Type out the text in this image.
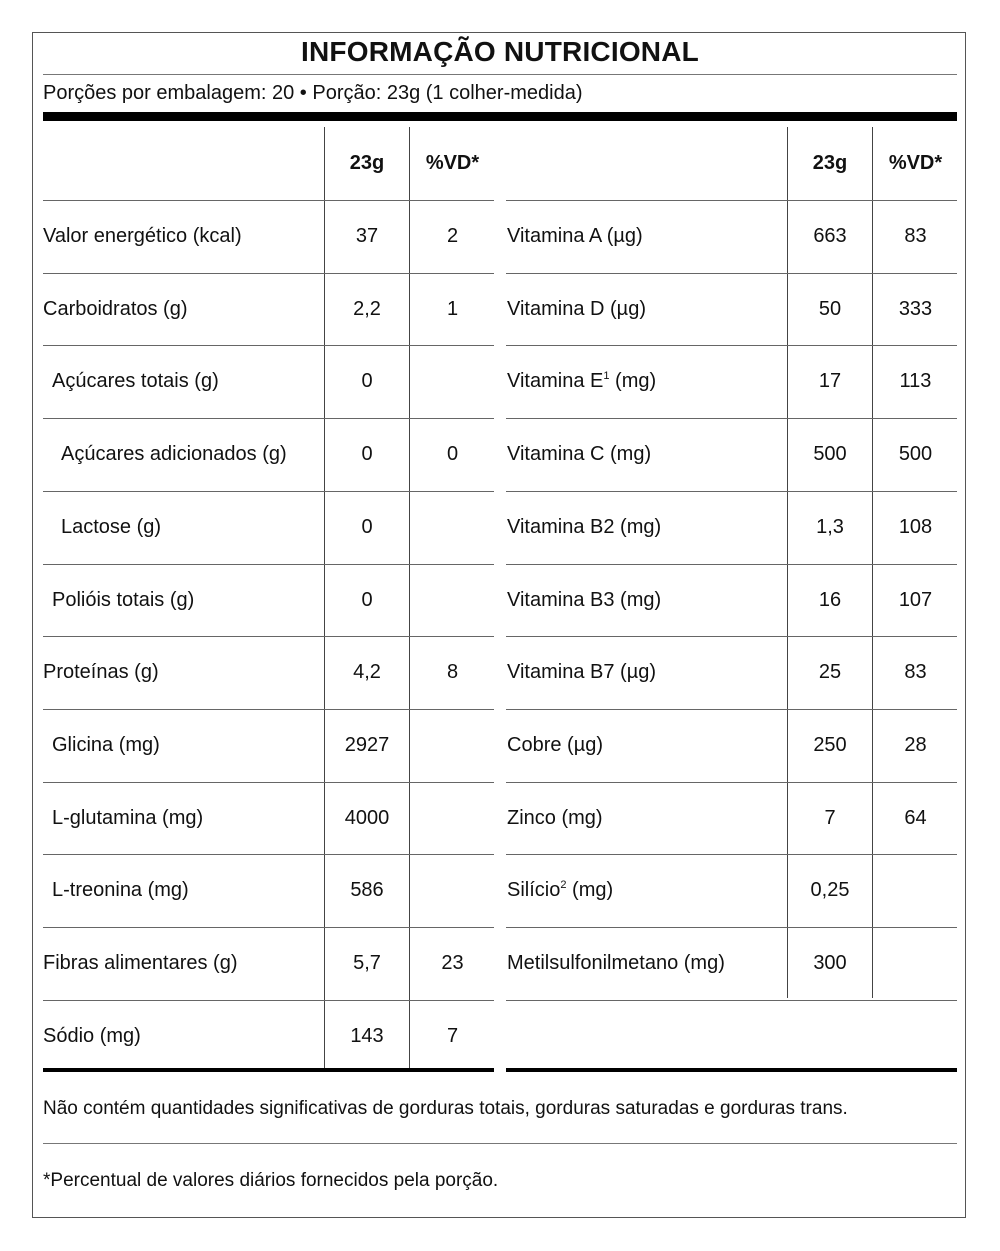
INFORMAÇÃO NUTRICIONAL
Porções por embalagem: 20 • Porção: 23g (1 colher-medida)
23g	%VD*	23g	%VD*
Valor energético (kcal)	37	2
Carboidratos (g)	2,2	1
Açúcares totais (g)	0
Açúcares adicionados (g)	0	0
Lactose (g)	0
Polióis totais (g)	0
Proteínas (g)	4,2	8
Glicina (mg)	2927
L-glutamina (mg)	4000
L-treonina (mg)	586
Fibras alimentares (g)	5,7	23
Sódio (mg)	143	7
Vitamina A (µg)	663	83
Vitamina D (µg)	50	333
Vitamina $E^1$ (mg)	17	113
Vitamina C (mg)	500	500
Vitamina B2 (mg)	1,3	108
Vitamina B3 (mg)	16	107
Vitamina B7 (µg)	25	83
Cobre (µg)	250	28
Zinco (mg)	7	64
Silício$^2$ (mg)	0,25
Metilsulfonilmetano (mg)	300
Não contém quantidades significativas de gorduras totais, gorduras saturadas e gorduras trans.
*Percentual de valores diários fornecidos pela porção.
